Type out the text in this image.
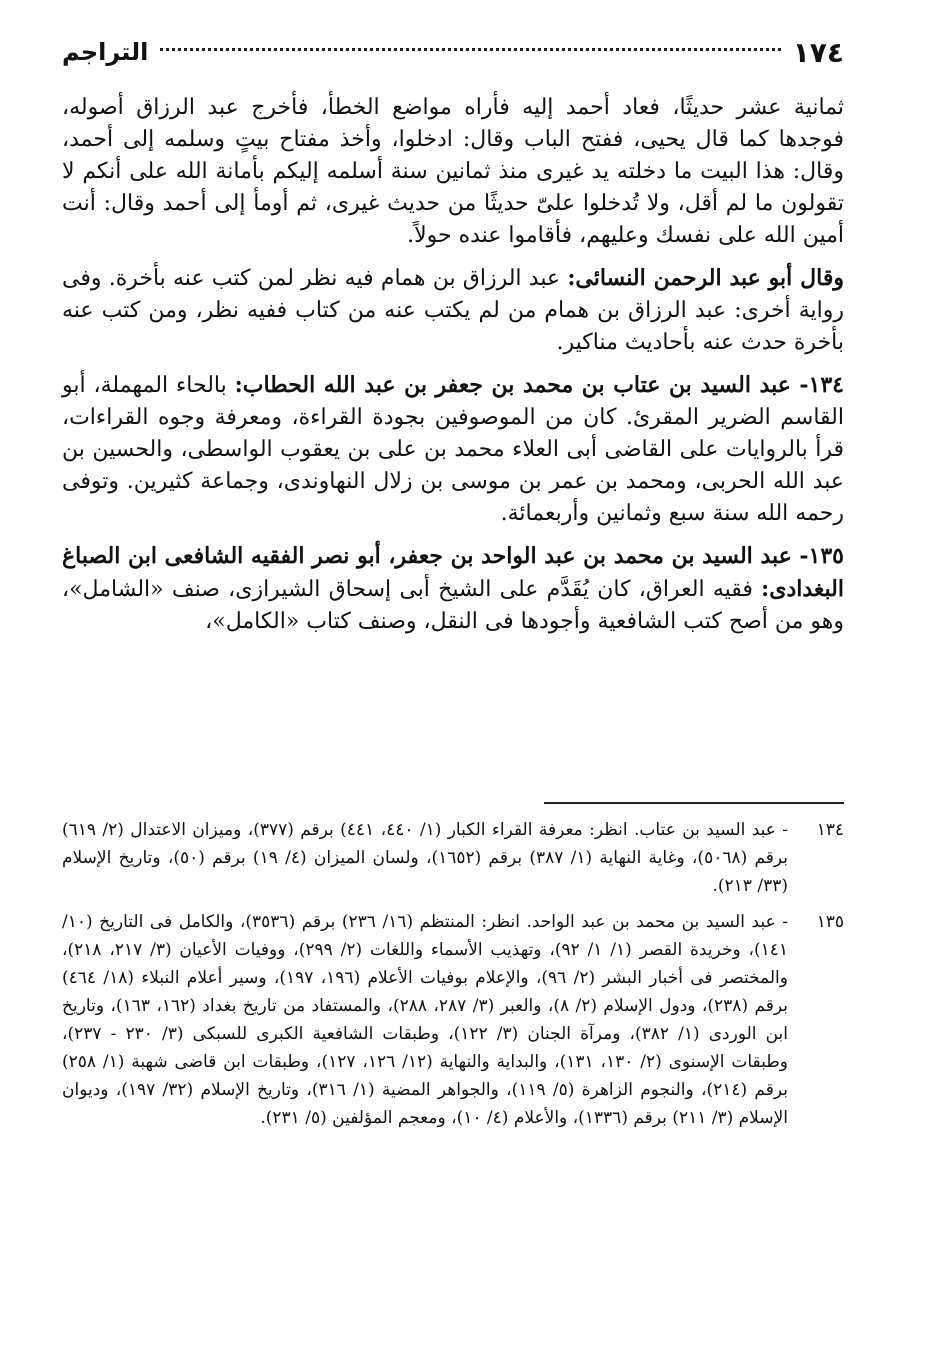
١٧٤
التراجم

ثمانية عشر حديثًا، فعاد أحمد إليه فأراه مواضع الخطأ، فأخرج عبد الرزاق أصوله، فوجدها كما قال يحيى، ففتح الباب وقال: ادخلوا، وأخذ مفتاح بيتٍ وسلمه إلى أحمد، وقال: هذا البيت ما دخلته يد غيرى منذ ثمانين سنة أسلمه إليكم بأمانة الله على أنكم لا تقولون ما لم أقل، ولا تُدخلوا علىّ حديثًا من حديث غيرى، ثم أومأ إلى أحمد وقال: أنت أمين الله على نفسك وعليهم، فأقاموا عنده حولاً.

وقال أبو عبد الرحمن النسائى: عبد الرزاق بن همام فيه نظر لمن كتب عنه بأخرة. وفى رواية أخرى: عبد الرزاق بن همام من لم يكتب عنه من كتاب ففيه نظر، ومن كتب عنه بأخرة حدث عنه بأحاديث مناكير.

١٣٤- عبد السيد بن عتاب بن محمد بن جعفر بن عبد الله الحطاب: بالحاء المهملة، أبو القاسم الضرير المقرئ. كان من الموصوفين بجودة القراءة، ومعرفة وجوه القراءات، قرأ بالروايات على القاضى أبى العلاء محمد بن على بن يعقوب الواسطى، والحسين بن عبد الله الحربى، ومحمد بن عمر بن موسى بن زلال النهاوندى، وجماعة كثيرين. وتوفى رحمه الله سنة سبع وثمانين وأربعمائة.

١٣٥- عبد السيد بن محمد بن عبد الواحد بن جعفر، أبو نصر الفقيه الشافعى ابن الصباغ البغدادى: فقيه العراق، كان يُقَدَّم على الشيخ أبى إسحاق الشيرازى، صنف «الشامل»، وهو من أصح كتب الشافعية وأجودها فى النقل، وصنف كتاب «الكامل»،

١٣٤
- عبد السيد بن عتاب. انظر: معرفة القراء الكبار (١/ ٤٤٠، ٤٤١) برقم (٣٧٧)، وميزان الاعتدال (٢/ ٦١٩) برقم (٥٠٦٨)، وغاية النهاية (١/ ٣٨٧) برقم (١٦٥٢)، ولسان الميزان (٤/ ١٩) برقم (٥٠)، وتاريخ الإسلام (٣٣/ ٢١٣).

١٣٥
- عبد السيد بن محمد بن عبد الواحد. انظر: المنتظم (١٦/ ٢٣٦) برقم (٣٥٣٦)، والكامل فى التاريخ (١٠/ ١٤١)، وخريدة القصر (١/ ١/ ٩٢)، وتهذيب الأسماء واللغات (٢/ ٢٩٩)، ووفيات الأعيان (٣/ ٢١٧، ٢١٨)، والمختصر فى أخبار البشر (٢/ ٩٦)، والإعلام بوفيات الأعلام (١٩٦، ١٩٧)، وسير أعلام النبلاء (١٨/ ٤٦٤) برقم (٢٣٨)، ودول الإسلام (٢/ ٨)، والعبر (٣/ ٢٨٧، ٢٨٨)، والمستفاد من تاريخ بغداد (١٦٢، ١٦٣)، وتاريخ ابن الوردى (١/ ٣٨٢)، ومرآة الجنان (٣/ ١٢٢)، وطبقات الشافعية الكبرى للسبكى (٣/ ٢٣٠ - ٢٣٧)، وطبقات الإسنوى (٢/ ١٣٠، ١٣١)، والبداية والنهاية (١٢/ ١٢٦، ١٢٧)، وطبقات ابن قاضى شهبة (١/ ٢٥٨) برقم (٢١٤)، والنجوم الزاهرة (٥/ ١١٩)، والجواهر المضية (١/ ٣١٦)، وتاريخ الإسلام (٣٢/ ١٩٧)، وديوان الإسلام (٣/ ٢١١) برقم (١٣٣٦)، والأعلام (٤/ ١٠)، ومعجم المؤلفين (٥/ ٢٣١).
